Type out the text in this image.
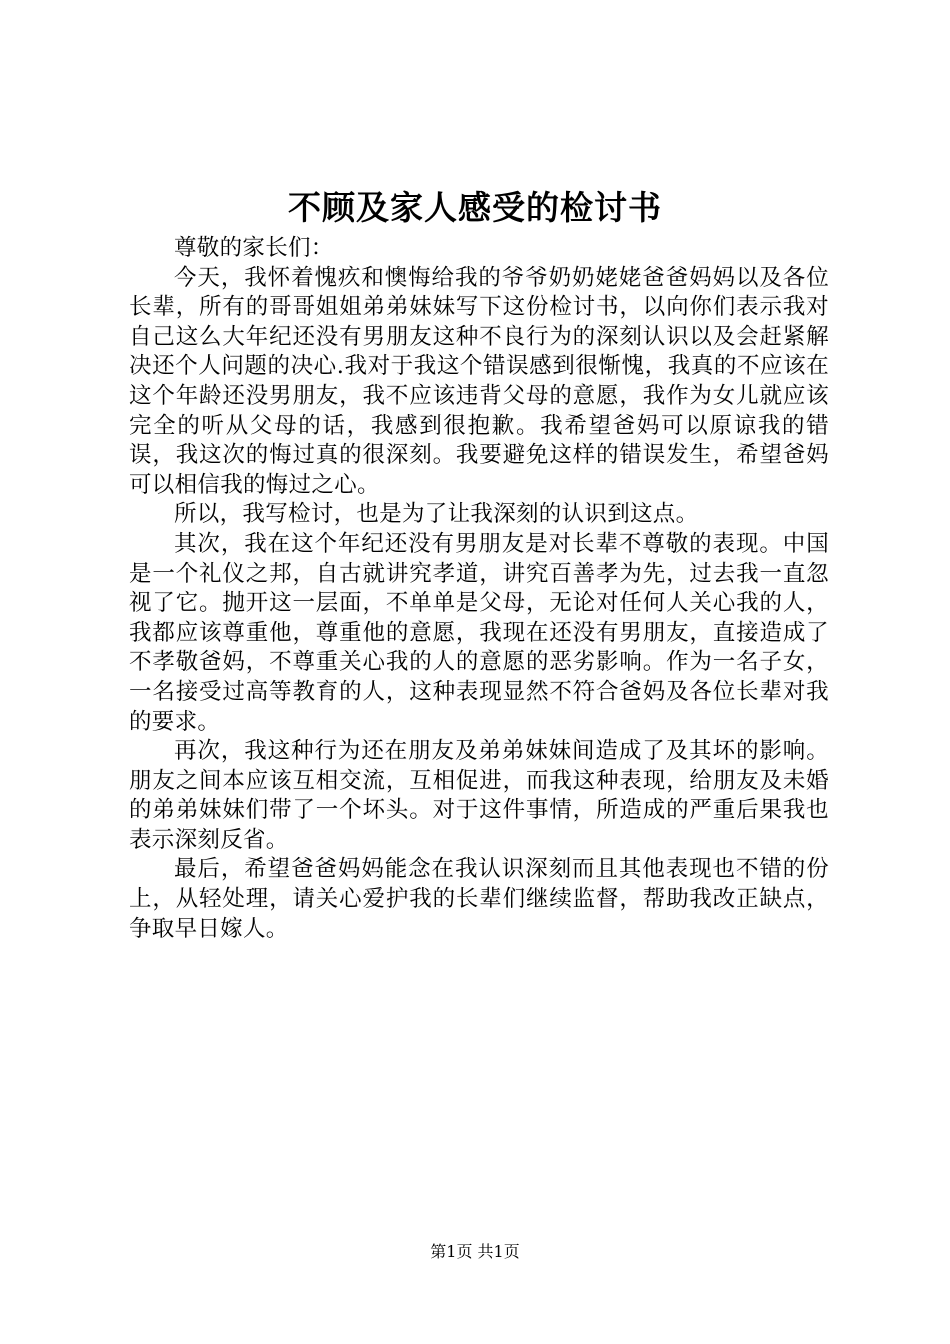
不顾及家人感受的检讨书

尊敬的家长们：

今天，我怀着愧疚和懊悔给我的爷爷奶奶姥姥爸爸妈妈以及各位长辈，所有的哥哥姐姐弟弟妹妹写下这份检讨书，以向你们表示我对自己这么大年纪还没有男朋友这种不良行为的深刻认识以及会赶紧解决还个人问题的决心.我对于我这个错误感到很惭愧，我真的不应该在这个年龄还没男朋友，我不应该违背父母的意愿，我作为女儿就应该完全的听从父母的话，我感到很抱歉。我希望爸妈可以原谅我的错误，我这次的悔过真的很深刻。我要避免这样的错误发生，希望爸妈可以相信我的悔过之心。

所以，我写检讨，也是为了让我深刻的认识到这点。

其次，我在这个年纪还没有男朋友是对长辈不尊敬的表现。中国是一个礼仪之邦，自古就讲究孝道，讲究百善孝为先，过去我一直忽视了它。抛开这一层面，不单单是父母，无论对任何人关心我的人，我都应该尊重他，尊重他的意愿，我现在还没有男朋友，直接造成了不孝敬爸妈，不尊重关心我的人的意愿的恶劣影响。作为一名子女，一名接受过高等教育的人，这种表现显然不符合爸妈及各位长辈对我的要求。

再次，我这种行为还在朋友及弟弟妹妹间造成了及其坏的影响。朋友之间本应该互相交流，互相促进，而我这种表现，给朋友及未婚的弟弟妹妹们带了一个坏头。对于这件事情，所造成的严重后果我也表示深刻反省。

最后，希望爸爸妈妈能念在我认识深刻而且其他表现也不错的份上，从轻处理，请关心爱护我的长辈们继续监督，帮助我改正缺点，争取早日嫁人。

第1页 共1页
